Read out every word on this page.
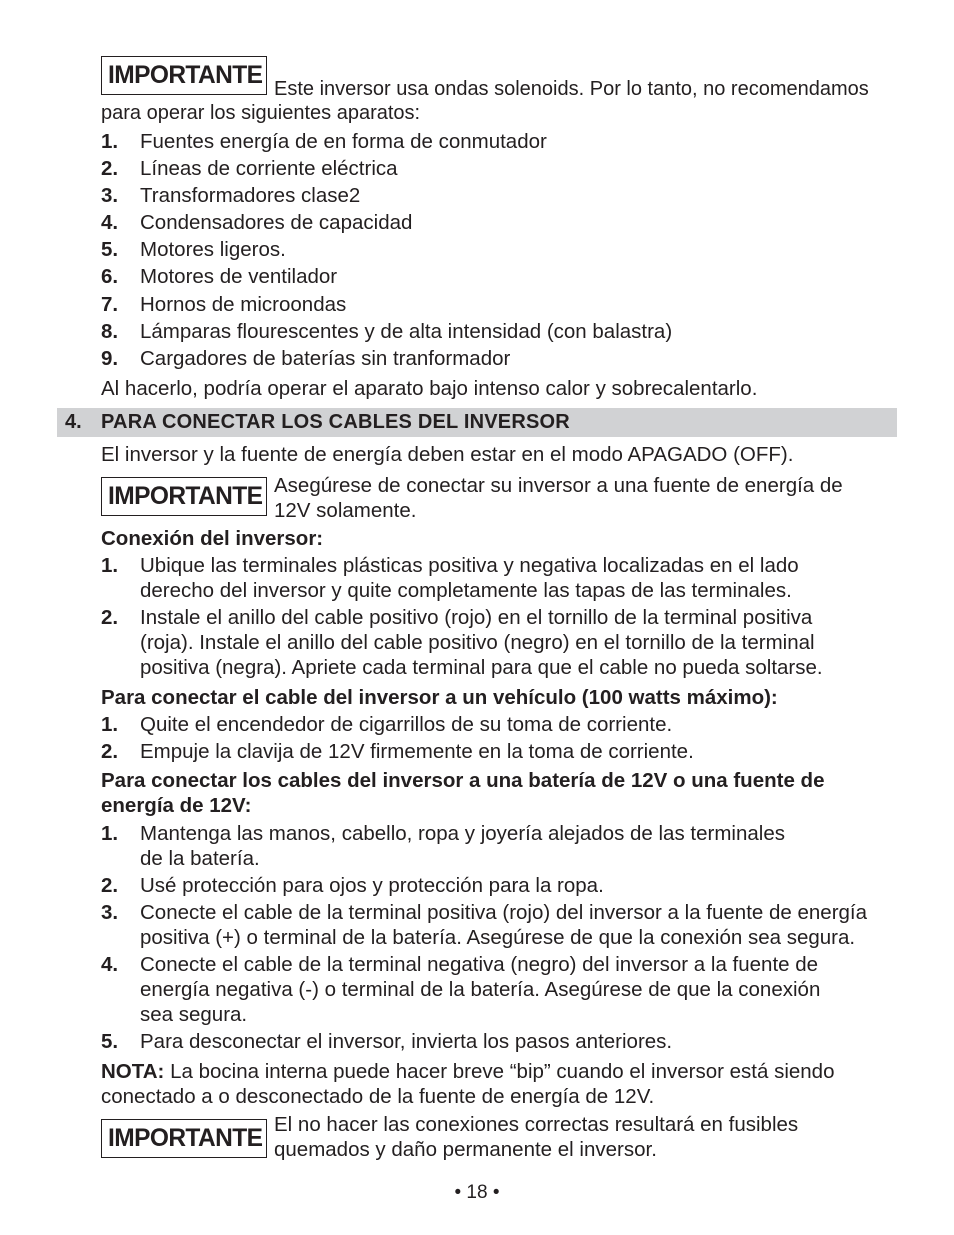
IMPORTANTE Este inversor usa ondas solenoids. Por lo tanto, no recomendamos
para operar los siguientes aparatos:
1. Fuentes energía de en forma de conmutador
2. Líneas de corriente eléctrica
3. Transformadores clase2
4. Condensadores de capacidad
5. Motores ligeros.
6. Motores de ventilador
7. Hornos de microondas
8. Lámparas flourescentes y de alta intensidad (con balastra)
9. Cargadores de baterías sin tranformador
Al hacerlo, podría operar el aparato bajo intenso calor y sobrecalentarlo.
4. PARA CONECTAR LOS CABLES DEL INVERSOR
El inversor y la fuente de energía deben estar en el modo APAGADO (OFF).
IMPORTANTE Asegúrese de conectar su inversor a una fuente de energía de
12V solamente.
Conexión del inversor:
1. Ubique las terminales plásticas positiva y negativa localizadas en el lado
derecho del inversor y quite completamente las tapas de las terminales.
2. Instale el anillo del cable positivo (rojo) en el tornillo de la terminal positiva
(roja). Instale el anillo del cable positivo (negro) en el tornillo de la terminal
positiva (negra). Apriete cada terminal para que el cable no pueda soltarse.
Para conectar el cable del inversor a un vehículo (100 watts máximo):
1. Quite el encendedor de cigarrillos de su toma de corriente.
2. Empuje la clavija de 12V firmemente en la toma de corriente.
Para conectar los cables del inversor a una batería de 12V o una fuente de
energía de 12V:
1. Mantenga las manos, cabello, ropa y joyería alejados de las terminales
de la batería.
2. Usé protección para ojos y protección para la ropa.
3. Conecte el cable de la terminal positiva (rojo) del inversor a la fuente de energía
positiva (+) o terminal de la batería. Asegúrese de que la conexión sea segura.
4. Conecte el cable de la terminal negativa (negro) del inversor a la fuente de
energía negativa (-) o terminal de la batería. Asegúrese de que la conexión
sea segura.
5. Para desconectar el inversor, invierta los pasos anteriores.
NOTA: La bocina interna puede hacer breve “bip” cuando el inversor está siendo
conectado a o desconectado de la fuente de energía de 12V.
IMPORTANTE El no hacer las conexiones correctas resultará en fusibles
quemados y daño permanente el inversor.
• 18 •
